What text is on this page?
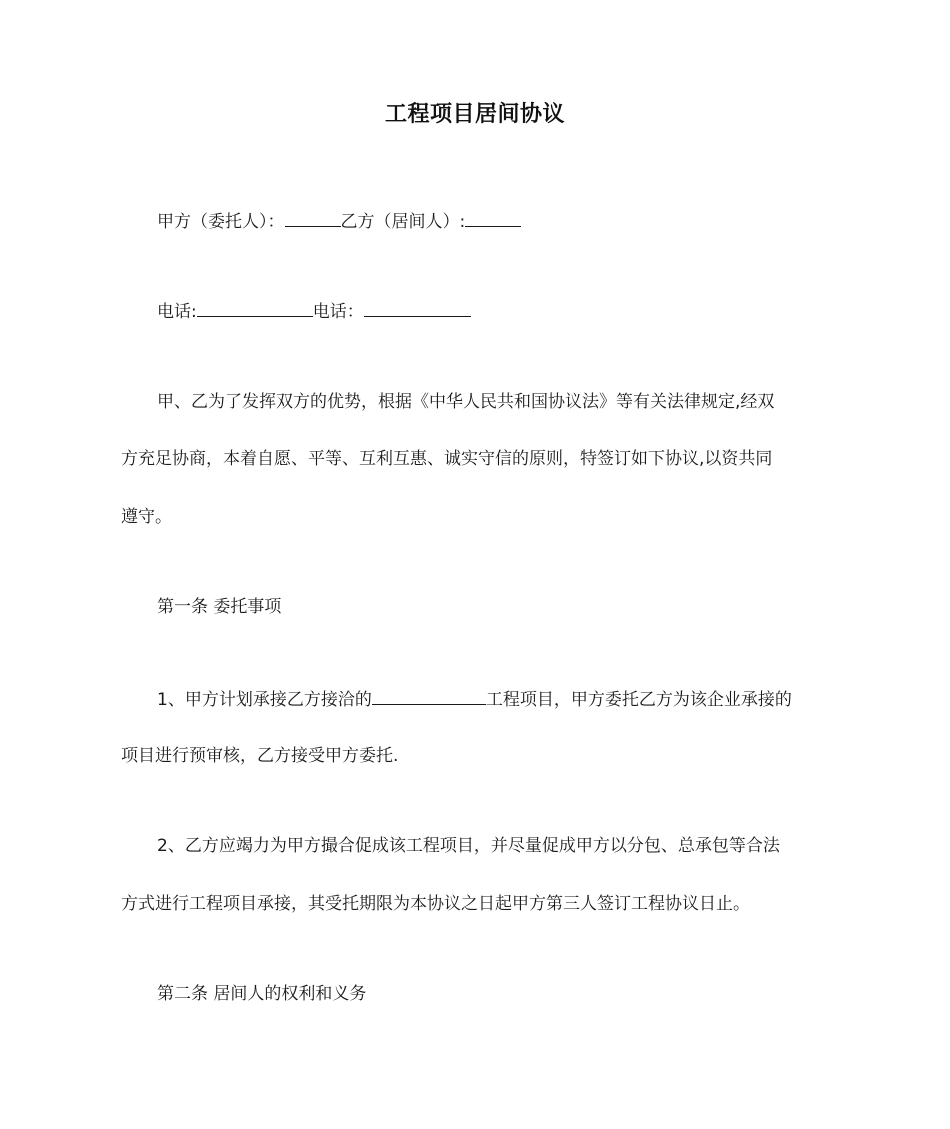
工程项目居间协议
甲方（委托人）：	乙方（居间人）:
电话:	电话：
甲、乙为了发挥双方的优势，根据《中华人民共和国协议法》等有关法律规定,经双
方充足协商，本着自愿、平等、互利互惠、诚实守信的原则，特签订如下协议,以资共同
遵守。
第一条 委托事项
1、甲方计划承接乙方接洽的	工程项目，甲方委托乙方为该企业承接的
项目进行预审核，乙方接受甲方委托.
2、乙方应竭力为甲方撮合促成该工程项目，并尽量促成甲方以分包、总承包等合法
方式进行工程项目承接，其受托期限为本协议之日起甲方第三人签订工程协议日止。
第二条 居间人的权利和义务
